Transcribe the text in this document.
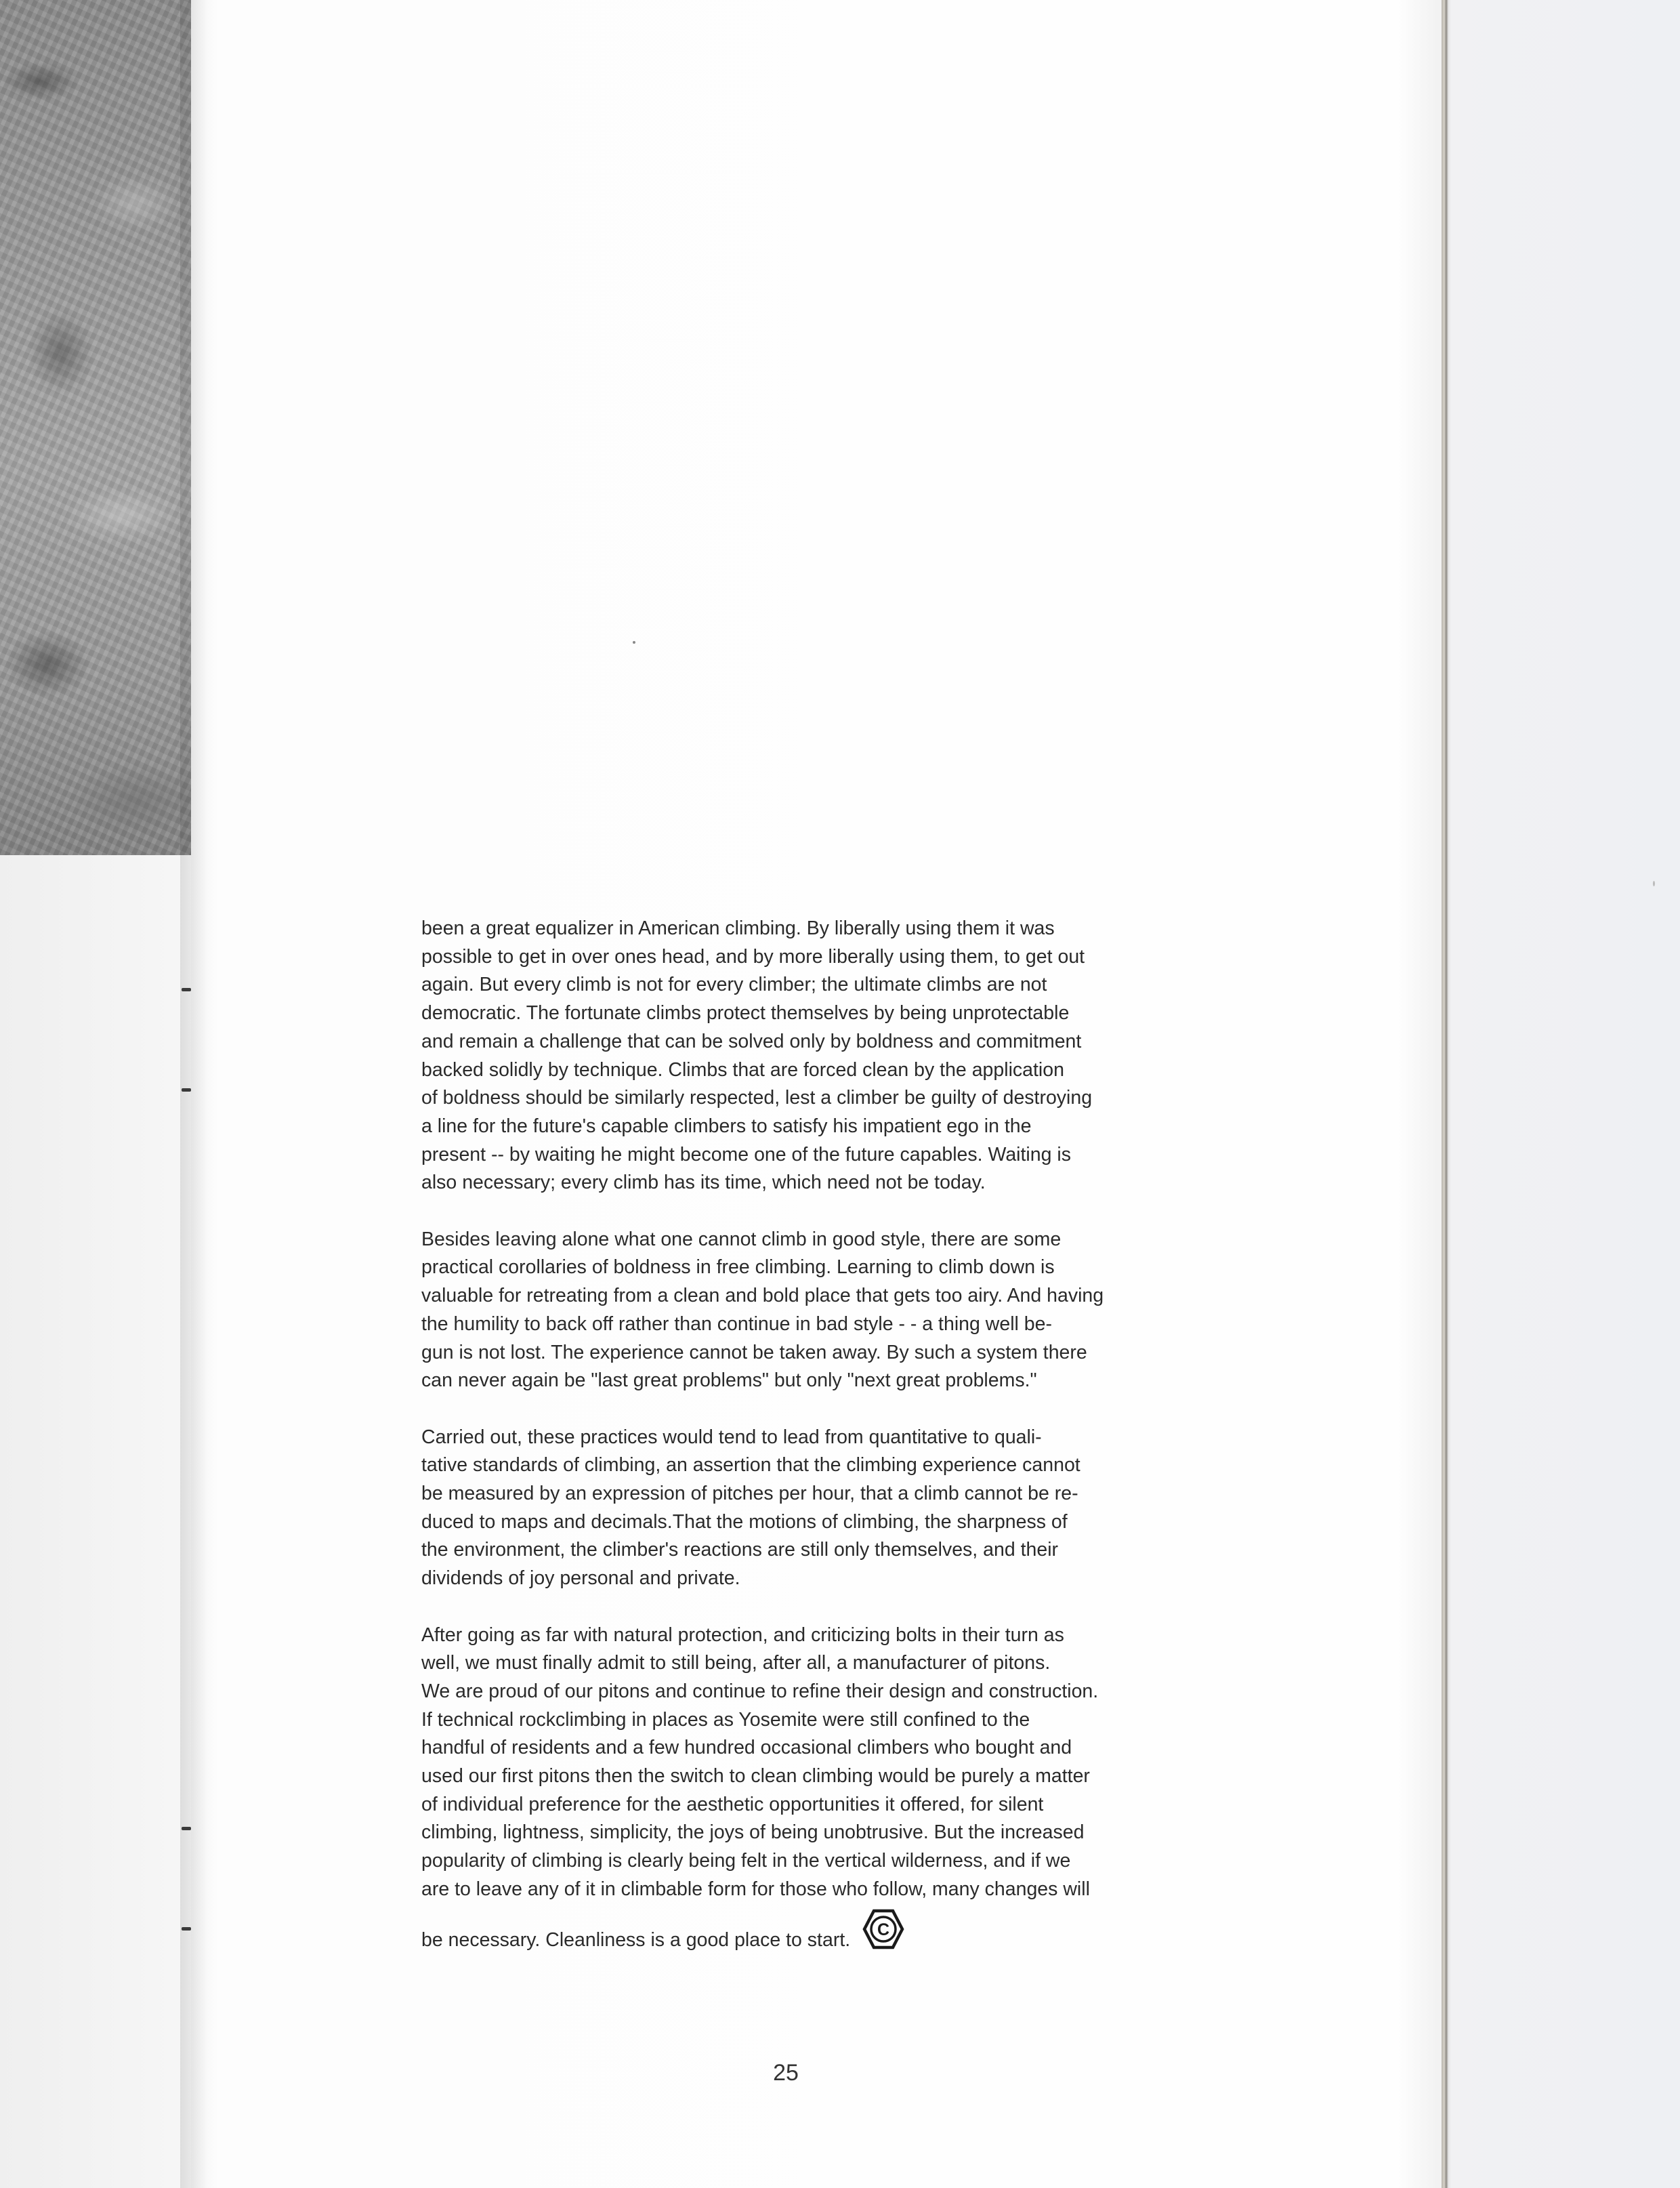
been a great equalizer in American climbing. By liberally using them it was
possible to get in over ones head, and by more liberally using them, to get out
again. But every climb is not for every climber; the ultimate climbs are not
democratic. The fortunate climbs protect themselves by being unprotectable
and remain a challenge that can be solved only by boldness and commitment
backed solidly by technique. Climbs that are forced clean by the application
of boldness should be similarly respected, lest a climber be guilty of destroying
a line for the future's capable climbers to satisfy his impatient ego in the
present -- by waiting he might become one of the future capables. Waiting is
also necessary; every climb has its time, which need not be today.

Besides leaving alone what one cannot climb in good style, there are some
practical corollaries of boldness in free climbing. Learning to climb down is
valuable for retreating from a clean and bold place that gets too airy. And having
the humility to back off rather than continue in bad style - - a thing well be-
gun is not lost. The experience cannot be taken away. By such a system there
can never again be "last great problems" but only "next great problems."

Carried out, these practices would tend to lead from quantitative to quali-
tative standards of climbing, an assertion that the climbing experience cannot
be measured by an expression of pitches per hour, that a climb cannot be re-
duced to maps and decimals.That the motions of climbing, the sharpness of
the environment, the climber's reactions are still only themselves, and their
dividends of joy personal and private.

After going as far with natural protection, and criticizing bolts in their turn as
well, we must finally admit to still being, after all, a manufacturer of pitons.
We are proud of our pitons and continue to refine their design and construction.
If technical rockclimbing in places as Yosemite were still confined to the
handful of residents and a few hundred occasional climbers who bought and
used our first pitons then the switch to clean climbing would be purely a matter
of individual preference for the aesthetic opportunities it offered, for silent
climbing, lightness, simplicity, the joys of being unobtrusive. But the increased
popularity of climbing is clearly being felt in the vertical wilderness, and if we
are to leave any of it in climbable form for those who follow, many changes will
be necessary. Cleanliness is a good place to start. C

25
